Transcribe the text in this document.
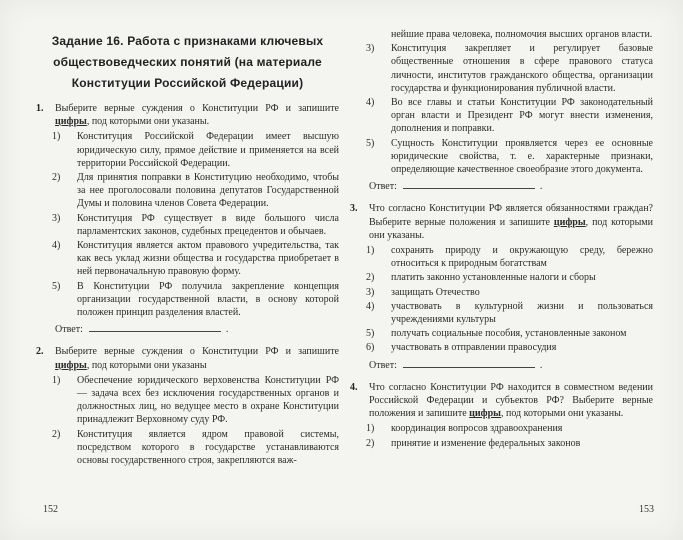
Задание 16. Работа с признаками ключевых
обществоведческих понятий (на материале
Конституции Российской Федерации)
1.	Выберите верные суждения о Конституции РФ и запишите цифры, под которыми они указаны.

1)	Конституция Российской Федерации имеет высшую юридическую силу, прямое действие и применяется на всей территории Российской Федерации.
2)	Для принятия поправки в Конституцию необходимо, чтобы за нее проголосовали половина депутатов Государственной Думы и половина членов Совета Федерации.
3)	Конституция РФ существует в виде большого числа парламентских законов, судебных прецедентов и обычаев.
4)	Конституция является актом правового учредительства, так как весь уклад жизни общества и государства приобретает в ней первоначальную правовую форму.
5)	В Конституции РФ получила закрепление концепция организации государственной власти, в основу которой положен принцип разделения властей.
Ответ:	.
2.	Выберите верные суждения о Конституции РФ и запишите цифры, под которыми они указаны

1)	Обеспечение юридического верховенства Конституции РФ — задача всех без исключения государственных органов и должностных лиц, но ведущее место в охране Конституции принадлежит Верховному суду РФ.
2)	Конституция является ядром правовой системы, посредством которого в государстве устанавливаются основы государственного строя, закрепляются важ-

нейшие права человека, полномочия высших органов власти.

3)	Конституция закрепляет и регулирует базовые общественные отношения в сфере правового статуса личности, институтов гражданского общества, организации государства и функционирования публичной власти.
4)	Во все главы и статьи Конституции РФ законодательный орган власти и Президент РФ могут внести изменения, дополнения и поправки.
5)	Сущность Конституции проявляется через ее основные юридические свойства, т. е. характерные признаки, определяющие качественное своеобразие этого документа.
Ответ:	.
3.	Что согласно Конституции РФ является обязанностями граждан? Выберите верные положения и запишите цифры, под которыми они указаны.

1)	сохранять природу и окружающую среду, бережно относиться к природным богатствам
2)	платить законно установленные налоги и сборы
3)	защищать Отечество
4)	участвовать в культурной жизни и пользоваться учреждениями культуры
5)	получать социальные пособия, установленные законом
6)	участвовать в отправлении правосудия
Ответ:	.
4.	Что согласно Конституции РФ находится в совместном ведении Российской Федерации и субъектов РФ? Выберите верные положения и запишите цифры, под которыми они указаны.

1)	координация вопросов здравоохранения
2)	принятие и изменение федеральных законов
152	153
